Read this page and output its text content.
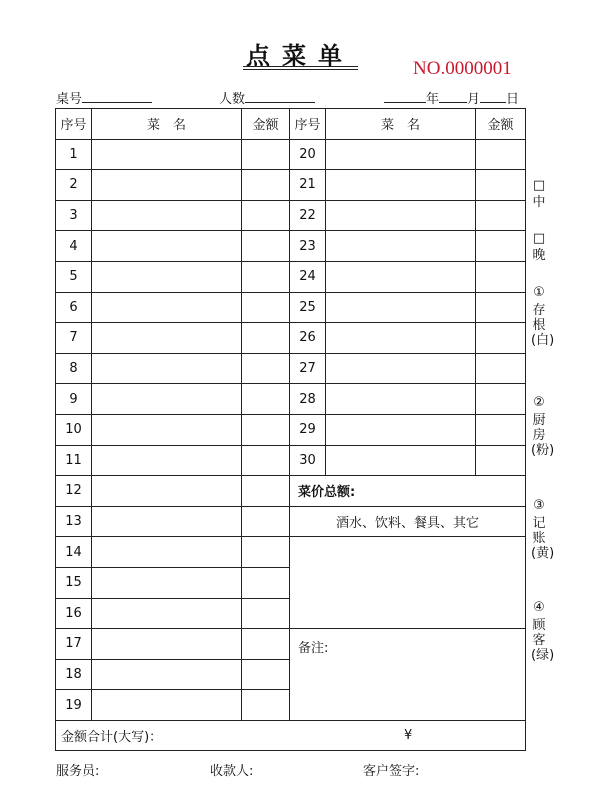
点菜单	NO.0000001
桌号	人数	年 月 日
序号	菜　名	金额	序号	菜　名	金额
1			20		
2			21		
3			22		
4			23		
5			24		
6			25		
7			26		
8			27		
9			28		
10			29		
11			30		
12			菜价总额:		
13			酒水、饮料、餐具、其它		
14					
15					
16					
17			备注:		
18					
19					
金额合计(大写)： ¥					
□
中
□
晚
①
存根(白)
②
厨房(粉)
③
记账(黄)
④
顾客(绿)
服务员:	收款人:	客户签字:
